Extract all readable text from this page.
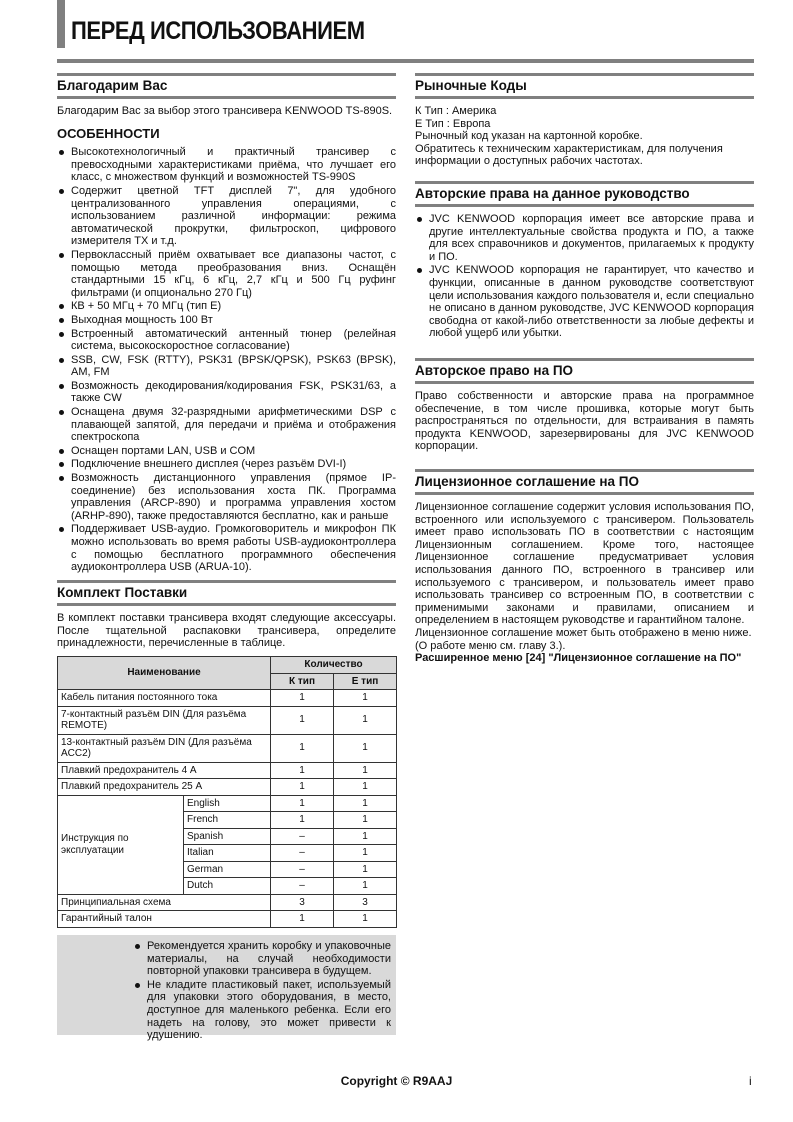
ПЕРЕД ИСПОЛЬЗОВАНИЕМ
Благодарим Вас

Благодарим Вас за выбор этого трансивера KENWOOD TS-890S.

ОСОБЕННОСТИ
Высокотехнологичный и практичный трансивер с превосходными характеристиками приёма, что лучшает его класс, с множеством функций и возможностей TS-990S
Содержит цветной TFT дисплей 7", для удобного централизованного управления операциями, с использованием различной информации: режима автоматической прокрутки, фильтроскоп, цифрового измерителя TX и т.д.
Первоклассный приём охватывает все диапазоны частот, с помощью метода преобразования вниз. Оснащён стандартными 15 кГц, 6 кГц, 2,7 кГц и 500 Гц руфинг фильтрами (и опционально 270 Гц)
КВ + 50 МГц + 70 МГц (тип E)
Выходная мощность 100 Вт
Встроенный автоматический антенный тюнер (релейная система, высокоскоростное согласование)
SSB, CW, FSK (RTTY), PSK31 (BPSK/QPSK), PSK63 (BPSK), AM, FM
Возможность декодирования/кодирования FSK, PSK31/63, а также CW
Оснащена двумя 32-разрядными арифметическими DSP с плавающей запятой, для передачи и приёма и отображения спектроскопа
Оснащен портами LAN, USB и COM
Подключение внешнего дисплея (через разъём DVI-I)
Возможность дистанционного управления (прямое IP-соединение) без использования хоста ПК. Программа управления (ARCP-890) и программа управления хостом (ARHP-890), также предоставляются бесплатно, как и раньше
Поддерживает USB-аудио. Громкоговоритель и микрофон ПК можно использовать во время работы USB-аудиоконтроллера с помощью бесплатного программного обеспечения аудиоконтроллера USB (ARUA-10).
Комплект Поставки

В комплект поставки трансивера входят следующие аксессуары. После тщательной распаковки трансивера, определите принадлежности, перечисленные в таблице.

Наименование		Количество	
		К тип	Е тип
Кабель питания постоянного тока		1	1
7-контактный разъём DIN (Для разъёма REMOTE)		1	1
13-контактный разъём DIN (Для разъёма ACC2)		1	1
Плавкий предохранитель 4 A		1	1
Плавкий предохранитель 25 A		1	1
Инструкция по эксплуатации	English	1	1
	French	1	1
	Spanish	–	1
	Italian	–	1
	German	–	1
	Dutch	–	1
Принципиальная схема		3	3
Гарантийный талон		1	1
Рекомендуется хранить коробку и упаковочные материалы, на случай необходимости повторной упаковки трансивера в будущем.
Не кладите пластиковый пакет, используемый для упаковки этого оборудования, в место, доступное для маленького ребенка. Если его надеть на голову, это может привести к удушению.
Рыночные Коды

К Тип : Америка

Е Тип : Европа

Рыночный код указан на картонной коробке.

Обратитесь к техническим характеристикам, для получения информации о доступных рабочих частотах.

Авторские права на данное руководство
JVC KENWOOD корпорация имеет все авторские права и другие интеллектуальные свойства продукта и ПО, а также для всех справочников и документов, прилагаемых к продукту и ПО.
JVC KENWOOD корпорация не гарантирует, что качество и функции, описанные в данном руководстве соответствуют цели использования каждого пользователя и, если специально не описано в данном руководстве, JVC KENWOOD корпорация свободна от какой-либо ответственности за любые дефекты и любой ущерб или убытки.
Авторское право на ПО

Право собственности и авторские права на программное обеспечение, в том числе прошивка, которые могут быть распространяться по отдельности, для встраивания в память продукта KENWOOD, зарезервированы для JVC KENWOOD корпорации.

Лицензионное соглашение на ПО

Лицензионное соглашение содержит условия использования ПО, встроенного или используемого с трансивером. Пользователь имеет право использовать ПО в соответствии с настоящим Лицензионным соглашением. Кроме того, настоящее Лицензионное соглашение предусматривает условия использования данного ПО, встроенного в трансивер или используемого с трансивером, и пользователь имеет право использовать трансивер со встроенным ПО, в соответствии с применимыми законами и правилами, описанием и определением в настоящем руководстве и гарантийном талоне.

Лицензионное соглашение может быть отображено в меню ниже. (О работе меню см. главу 3.).

Расширенное меню [24] "Лицензионное соглашение на ПО"

Copyright © R9AAJ	i
